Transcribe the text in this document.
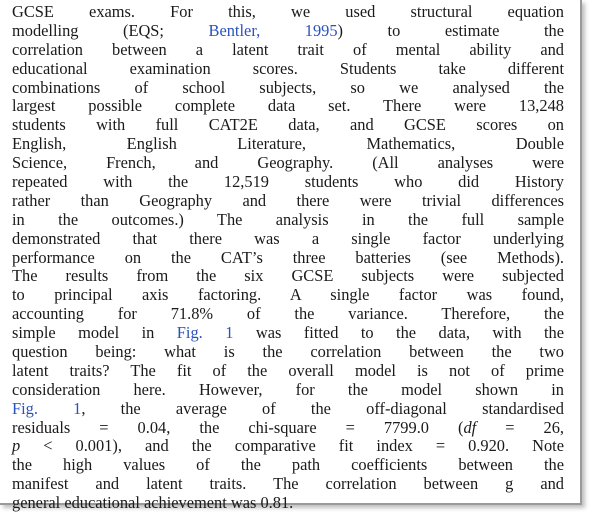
GCSE exams. For this, we used structural equation
modelling (EQS; Bentler, 1995) to estimate the
correlation between a latent trait of mental ability and
educational examination scores. Students take different
combinations of school subjects, so we analysed the
largest possible complete data set. There were 13,248
students with full CAT2E data, and GCSE scores on
English, English Literature, Mathematics, Double
Science, French, and Geography. (All analyses were
repeated with the 12,519 students who did History
rather than Geography and there were trivial differences
in the outcomes.) The analysis in the full sample
demonstrated that there was a single factor underlying
performance on the CAT’s three batteries (see Methods).
The results from the six GCSE subjects were subjected
to principal axis factoring. A single factor was found,
accounting for 71.8% of the variance. Therefore, the
simple model in Fig. 1 was fitted to the data, with the
question being: what is the correlation between the two
latent traits? The fit of the overall model is not of prime
consideration here. However, for the model shown in
Fig. 1, the average of the off-diagonal standardised
residuals = 0.04, the chi-square = 7799.0 (df = 26,
p < 0.001), and the comparative fit index = 0.920. Note
the high values of the path coefficients between the
manifest and latent traits. The correlation between g and
general educational achievement was 0.81.
